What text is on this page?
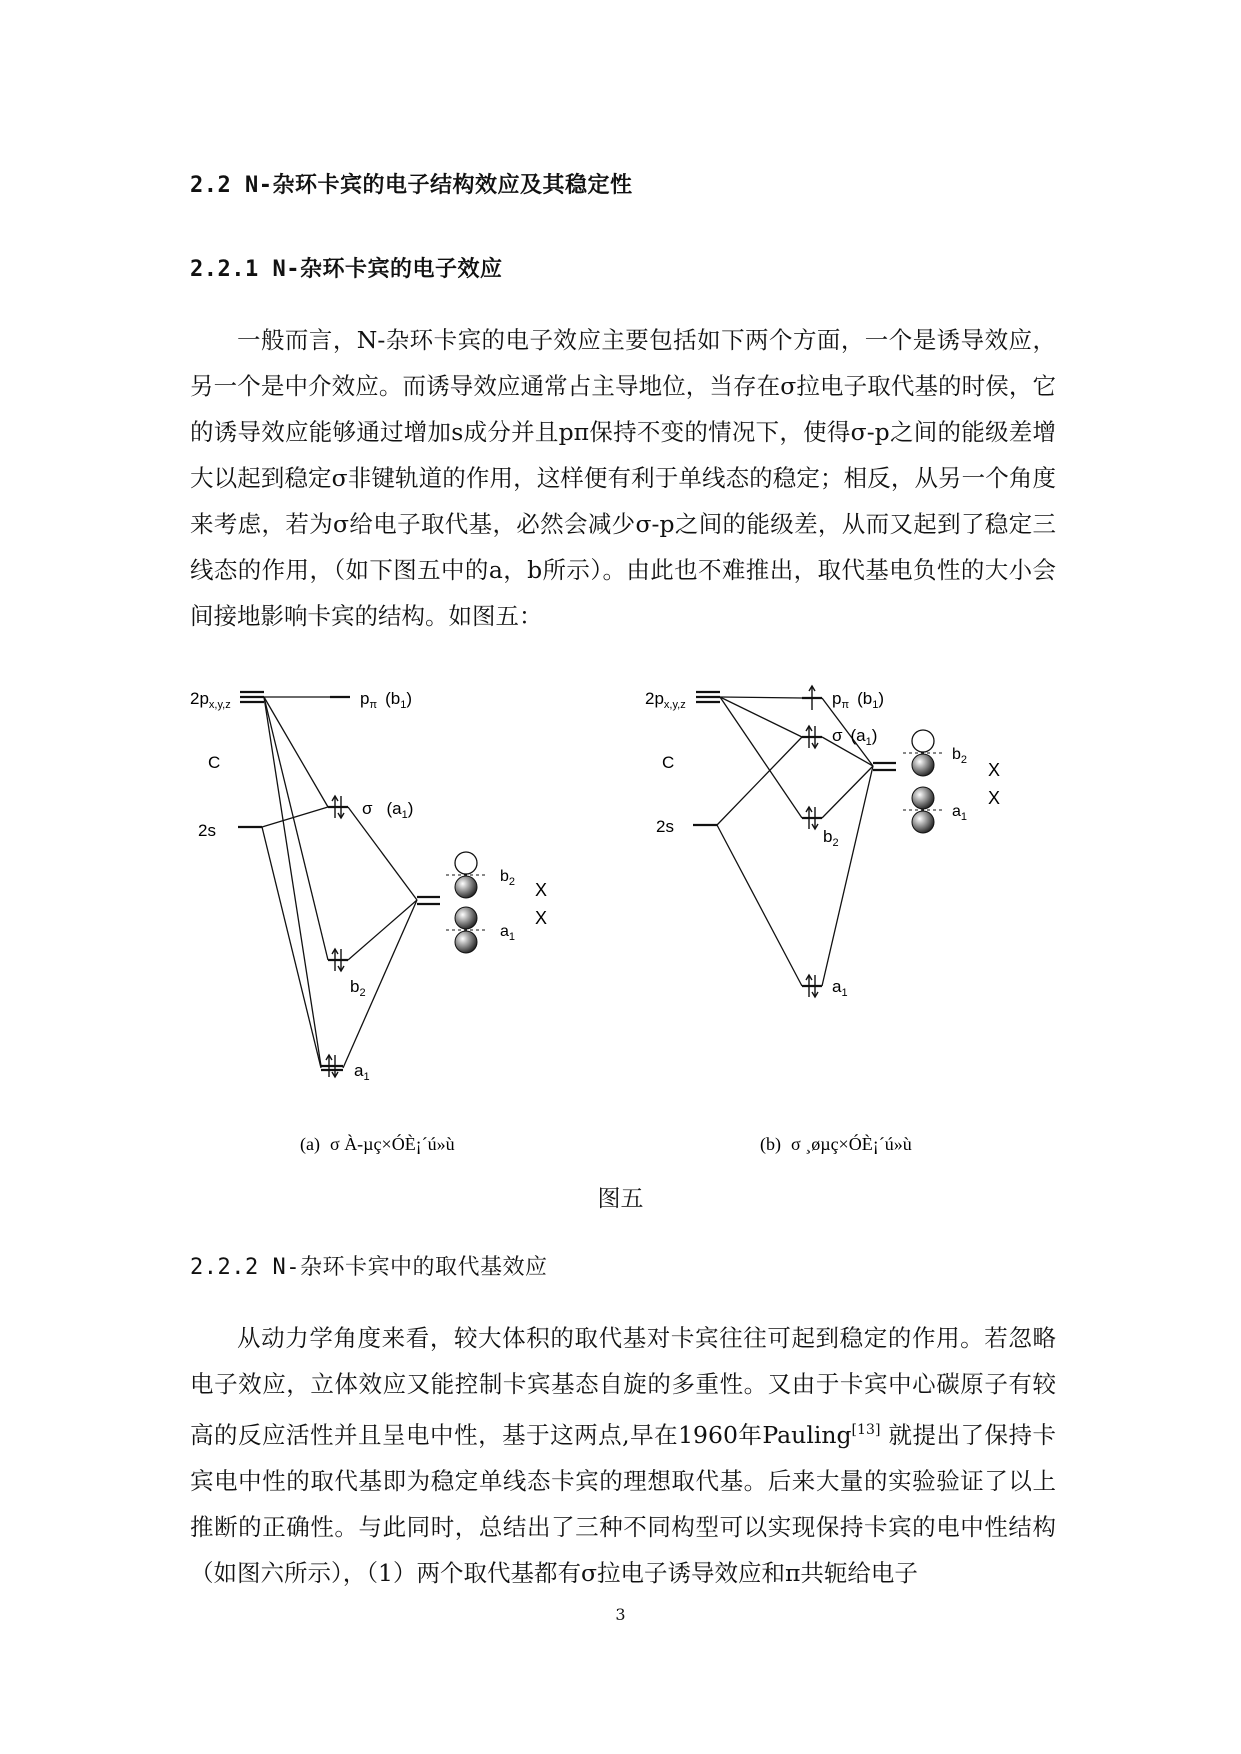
2.2 N-杂环卡宾的电子结构效应及其稳定性
2.2.1 N-杂环卡宾的电子效应

一般而言，N-杂环卡宾的电子效应主要包括如下两个方面，一个是诱导效应，另一个是中介效应。而诱导效应通常占主导地位，当存在σ拉电子取代基的时侯，它的诱导效应能够通过增加s成分并且pπ保持不变的情况下，使得σ-p之间的能级差增大以起到稳定σ非键轨道的作用，这样便有利于单线态的稳定；相反，从另一个角度来考虑，若为σ给电子取代基，必然会减少σ-p之间的能级差，从而又起到了稳定三线态的作用，（如下图五中的a，b所示）。由此也不难推出，取代基电负性的大小会间接地影响卡宾的结构。如图五：

$2p_{x,y,z}$
C
2s
$p_\pi$ $(b_1)$
σ $(a_1)$
$b_2$
$a_1$
$b_2$
$a_1$
X
X
(a) σ À-µç×ÓÈ¡´ú»ù
$2p_{x,y,z}$
C
2s
$p_\pi$ $(b_1)$
σ $(a_1)$
$b_2$
$a_1$
$b_2$
$a_1$
X
X
(b) σ ¸øµç×ÓÈ¡´ú»ù
图五
2.2.2 N-杂环卡宾中的取代基效应

从动力学角度来看，较大体积的取代基对卡宾往往可起到稳定的作用。若忽略电子效应，立体效应又能控制卡宾基态自旋的多重性。又由于卡宾中心碳原子有较高的反应活性并且呈电中性，基于这两点,早在1960年Pauling[13] 就提出了保持卡宾电中性的取代基即为稳定单线态卡宾的理想取代基。后来大量的实验验证了以上推断的正确性。与此同时，总结出了三种不同构型可以实现保持卡宾的电中性结构（如图六所示），（1）两个取代基都有σ拉电子诱导效应和π共轭给电子

3
